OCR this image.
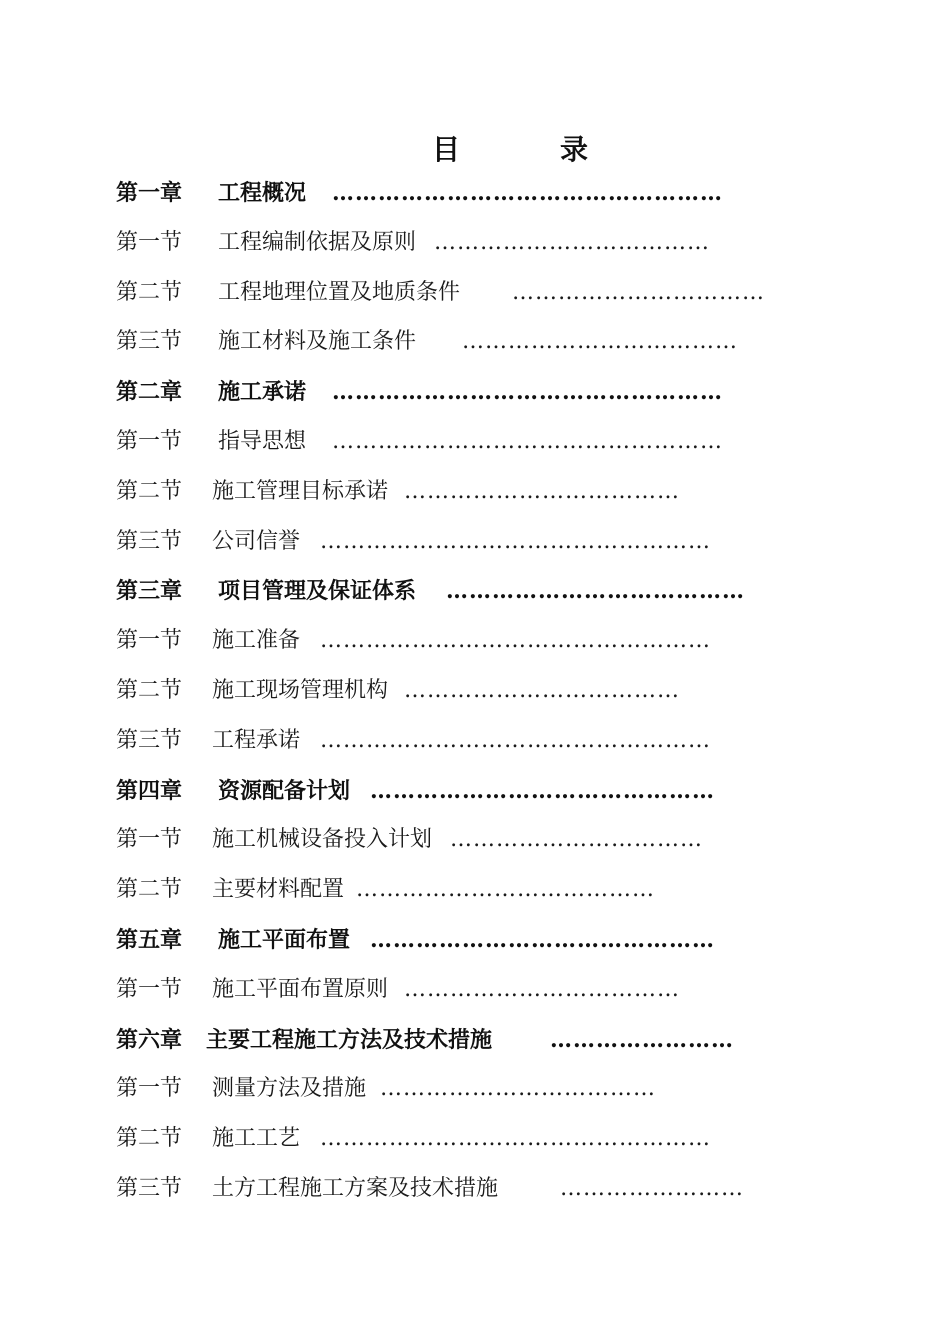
目	录
第一章 工程概况 ……………………………………………
第一节 工程编制依据及原则 ………………………………
第二节 工程地理位置及地质条件 ……………………………
第三节 施工材料及施工条件 ………………………………
第二章 施工承诺 ……………………………………………
第一节 指导思想 ……………………………………………
第二节 施工管理目标承诺 ………………………………
第三节 公司信誉 ……………………………………………
第三章 项目管理及保证体系 …………………………………
第一节 施工准备 ……………………………………………
第二节 施工现场管理机构 ………………………………
第三节 工程承诺 ……………………………………………
第四章 资源配备计划 ………………………………………
第一节 施工机械设备投入计划 ……………………………
第二节 主要材料配置 …………………………………
第五章 施工平面布置 ………………………………………
第一节 施工平面布置原则 ………………………………
第六章 主要工程施工方法及技术措施	……………………
第一节 测量方法及措施 ………………………………
第二节 施工工艺 ……………………………………………
第三节 土方工程施工方案及技术措施	……………………
